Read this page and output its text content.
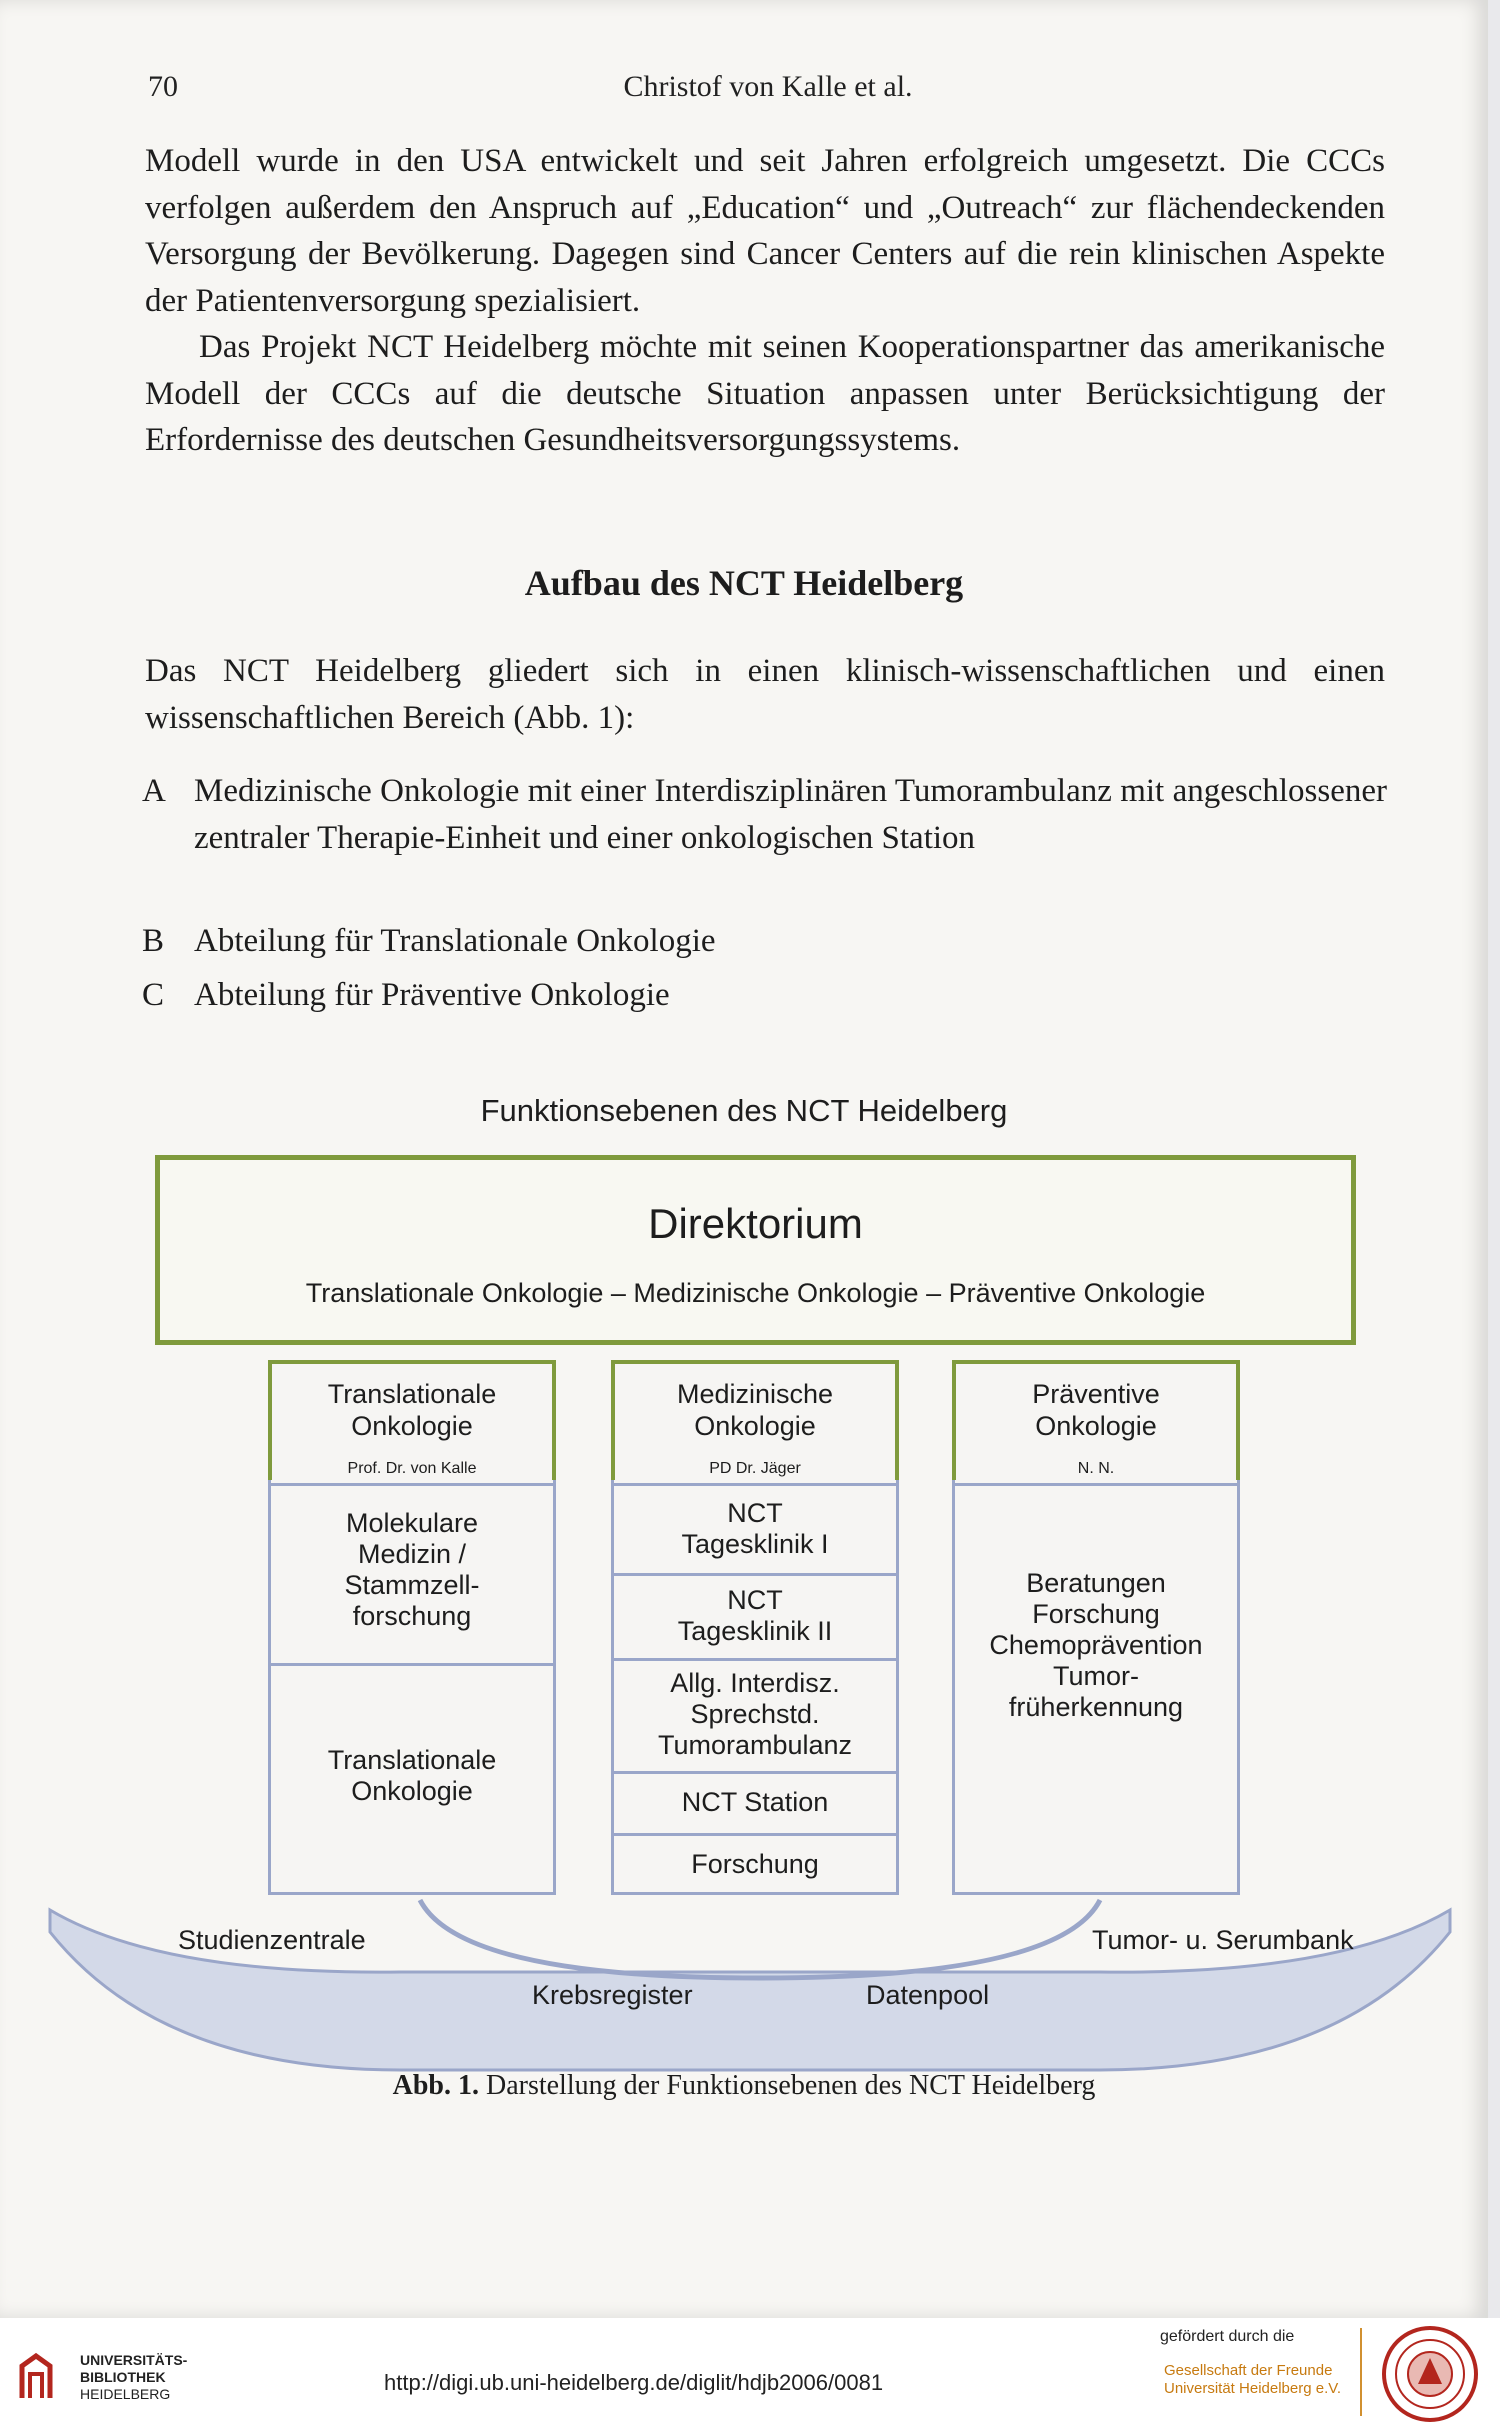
70	Christof von Kalle et al.

Modell wurde in den USA entwickelt und seit Jahren erfolgreich umgesetzt. Die CCCs verfolgen außerdem den Anspruch auf „Education“ und „Outreach“ zur flächendeckenden Versorgung der Bevölkerung. Dagegen sind Cancer Centers auf die rein klinischen Aspekte der Patientenversorgung spezialisiert.

Das Projekt NCT Heidelberg möchte mit seinen Kooperationspartner das amerikanische Modell der CCCs auf die deutsche Situation anpassen unter Berücksichtigung der Erfordernisse des deutschen Gesundheitsversorgungssystems.

Aufbau des NCT Heidelberg

Das NCT Heidelberg gliedert sich in einen klinisch-wissenschaftlichen und einen wissenschaftlichen Bereich (Abb. 1):

A Medizinische Onkologie mit einer Interdisziplinären Tumorambulanz mit angeschlossener zentraler Therapie-Einheit und einer onkologischen Station
B Abteilung für Translationale Onkologie
C Abteilung für Präventive Onkologie
Funktionsebenen des NCT Heidelberg
Direktorium
Translationale Onkologie – Medizinische Onkologie – Präventive Onkologie
Translationale
Onkologie
Prof. Dr. von Kalle
Molekulare
Medizin /
Stammzell-
forschung
Translationale
Onkologie
Medizinische
Onkologie
PD Dr. Jäger
NCT
Tagesklinik I
NCT
Tagesklinik II
Allg. Interdisz.
Sprechstd.
Tumorambulanz
NCT Station
Forschung
Präventive
Onkologie
N. N.
Beratungen
Forschung
Chemoprävention
Tumor-
früherkennung
Studienzentrale	Tumor- u. Serumbank
Krebsregister	Datenpool
Abb. 1. Darstellung der Funktionsebenen des NCT Heidelberg
UNIVERSITÄTS-
BIBLIOTHEK
HEIDELBERG	http://digi.ub.uni-heidelberg.de/diglit/hdjb2006/0081
gefördert durch die
Gesellschaft der Freunde
Universität Heidelberg e.V.
